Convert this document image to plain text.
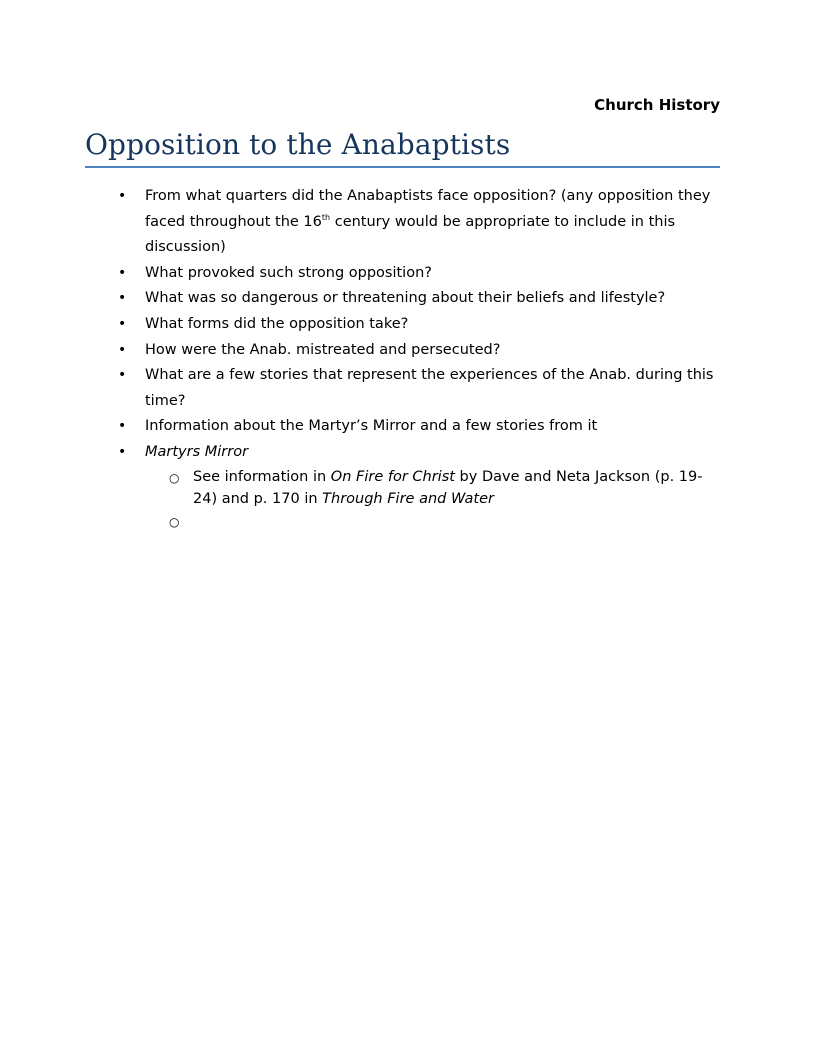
Church History
Opposition to the Anabaptists
• From what quarters did the Anabaptists face opposition? (any opposition they faced throughout the 16th century would be appropriate to include in this discussion)
• What provoked such strong opposition?
• What was so dangerous or threatening about their beliefs and lifestyle?
• What forms did the opposition take?
• How were the Anab. mistreated and persecuted?
• What are a few stories that represent the experiences of the Anab. during this time?
• Information about the Martyr’s Mirror and a few stories from it
• Martyrs Mirror
○ See information in On Fire for Christ by Dave and Neta Jackson (p. 19-24) and p. 170 in Through Fire and Water
○
